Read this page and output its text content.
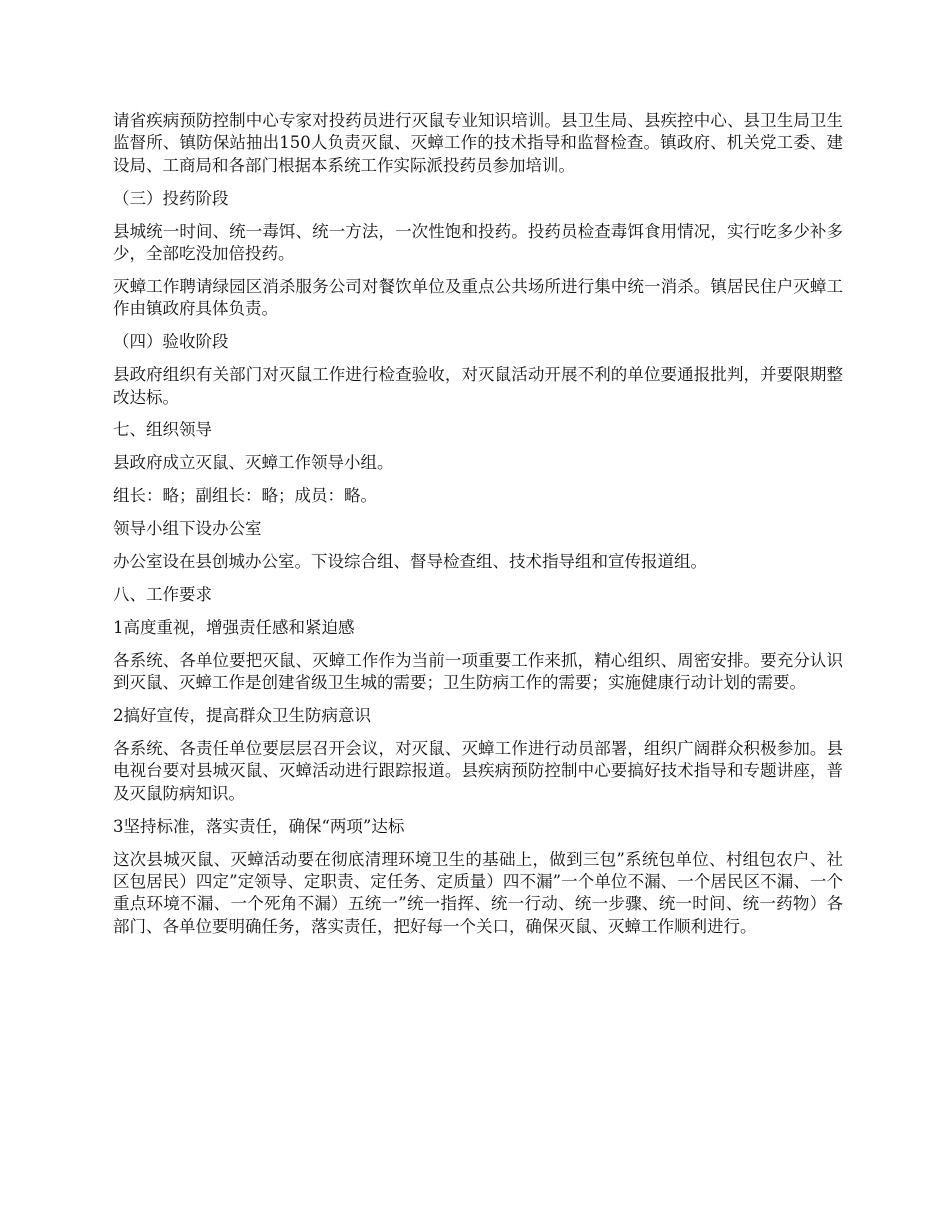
请省疾病预防控制中心专家对投药员进行灭鼠专业知识培训。县卫生局、县疾控中心、县卫生局卫生监督所、镇防保站抽出150人负责灭鼠、灭蟑工作的技术指导和监督检查。镇政府、机关党工委、建设局、工商局和各部门根据本系统工作实际派投药员参加培训。

（三）投药阶段

县城统一时间、统一毒饵、统一方法，一次性饱和投药。投药员检查毒饵食用情况，实行吃多少补多少，全部吃没加倍投药。

灭蟑工作聘请绿园区消杀服务公司对餐饮单位及重点公共场所进行集中统一消杀。镇居民住户灭蟑工作由镇政府具体负责。

（四）验收阶段

县政府组织有关部门对灭鼠工作进行检查验收，对灭鼠活动开展不利的单位要通报批判，并要限期整改达标。

七、组织领导

县政府成立灭鼠、灭蟑工作领导小组。

组长：略；副组长：略；成员：略。

领导小组下设办公室

办公室设在县创城办公室。下设综合组、督导检查组、技术指导组和宣传报道组。

八、工作要求

1高度重视，增强责任感和紧迫感

各系统、各单位要把灭鼠、灭蟑工作作为当前一项重要工作来抓，精心组织、周密安排。要充分认识到灭鼠、灭蟑工作是创建省级卫生城的需要；卫生防病工作的需要；实施健康行动计划的需要。

2搞好宣传，提高群众卫生防病意识

各系统、各责任单位要层层召开会议，对灭鼠、灭蟑工作进行动员部署，组织广阔群众积极参加。县电视台要对县城灭鼠、灭蟑活动进行跟踪报道。县疾病预防控制中心要搞好技术指导和专题讲座，普及灭鼠防病知识。

3坚持标准，落实责任，确保“两项”达标

这次县城灭鼠、灭蟑活动要在彻底清理环境卫生的基础上，做到三包”系统包单位、村组包农户、社区包居民）四定”定领导、定职责、定任务、定质量）四不漏”一个单位不漏、一个居民区不漏、一个重点环境不漏、一个死角不漏）五统一”统一指挥、统一行动、统一步骤、统一时间、统一药物）各部门、各单位要明确任务，落实责任，把好每一个关口，确保灭鼠、灭蟑工作顺利进行。
